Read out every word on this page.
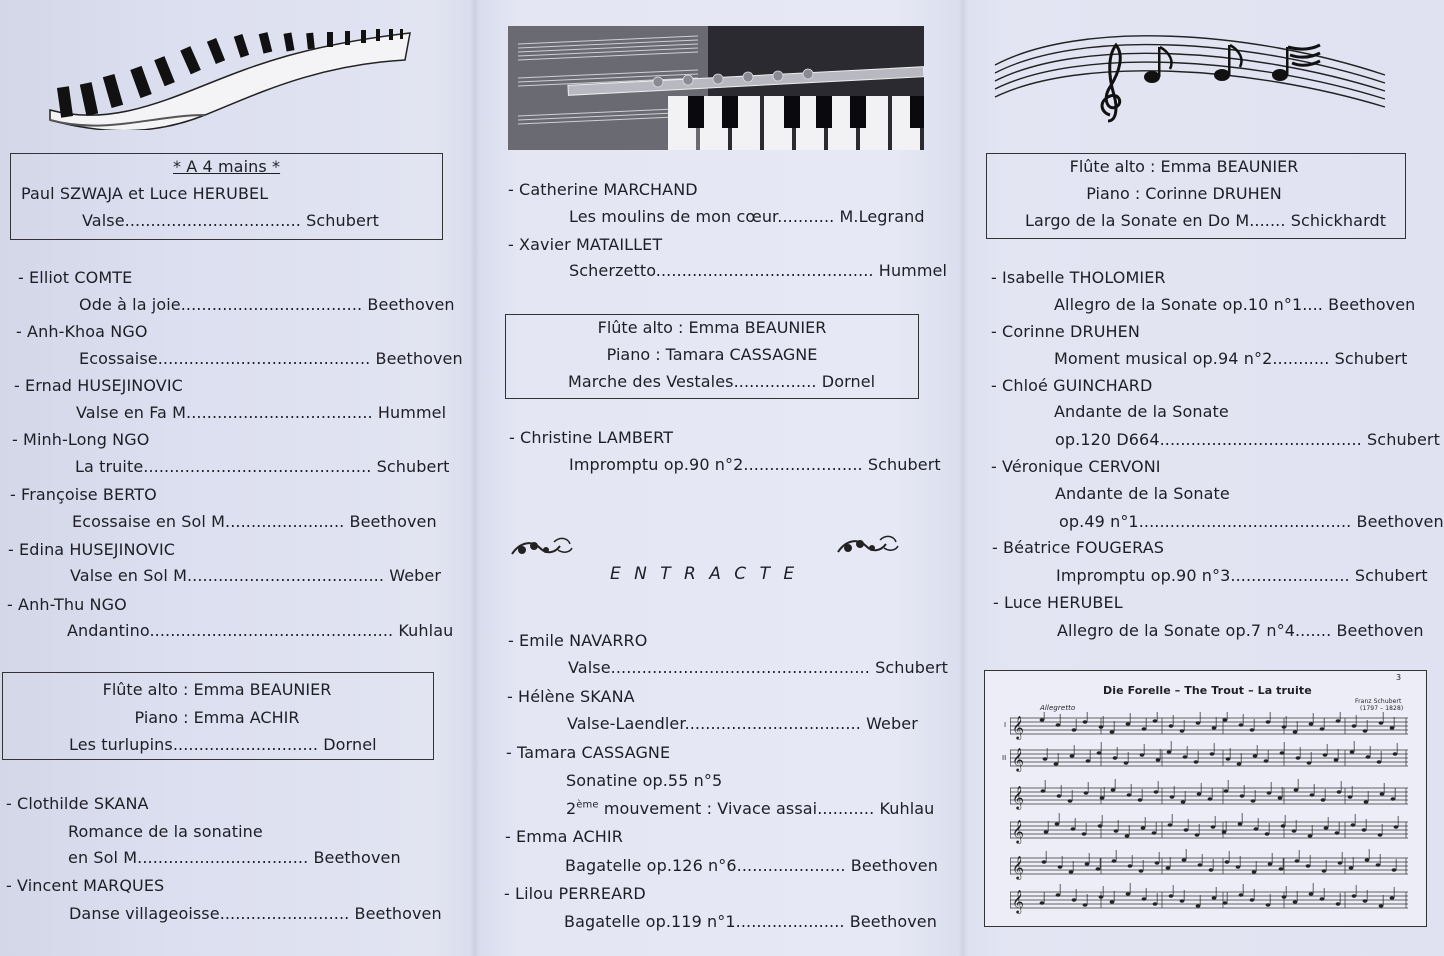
* A 4 mains *
Paul SZWAJA et Luce HERUBEL
Valse.................................. Schubert
- Elliot COMTE
Ode à la joie................................... Beethoven
- Anh-Khoa NGO
Ecossaise......................................... Beethoven
- Ernad HUSEJINOVIC
Valse en Fa M.................................... Hummel
- Minh-Long NGO
La truite............................................ Schubert
- Françoise BERTO
Ecossaise en Sol M....................... Beethoven
- Edina HUSEJINOVIC
Valse en Sol M...................................... Weber
- Anh-Thu NGO
Andantino............................................... Kuhlau
Flûte alto : Emma BEAUNIER
Piano : Emma ACHIR
Les turlupins............................ Dornel
- Clothilde SKANA
Romance de la sonatine
en Sol M................................. Beethoven
- Vincent MARQUES
Danse villageoisse......................... Beethoven
- Catherine MARCHAND
Les moulins de mon cœur........... M.Legrand
- Xavier MATAILLET
Scherzetto.......................................... Hummel
Flûte alto : Emma BEAUNIER
Piano : Tamara CASSAGNE
Marche des Vestales................ Dornel
- Christine LAMBERT
Impromptu op.90 n°2....................... Schubert
E N T R A C T E
- Emile NAVARRO
Valse.................................................. Schubert
- Hélène SKANA
Valse-Laendler.................................. Weber
- Tamara CASSAGNE
Sonatine op.55 n°5
2ème mouvement : Vivace assai........... Kuhlau
- Emma ACHIR
Bagatelle op.126 n°6..................... Beethoven
- Lilou PERREARD
Bagatelle op.119 n°1..................... Beethoven
Flûte alto : Emma BEAUNIER
Piano : Corinne DRUHEN
Largo de la Sonate en Do M....... Schickhardt
- Isabelle THOLOMIER
Allegro de la Sonate op.10 n°1.... Beethoven
- Corinne DRUHEN
Moment musical op.94 n°2........... Schubert
- Chloé GUINCHARD
Andante de la Sonate
op.120 D664....................................... Schubert
- Véronique CERVONI
Andante de la Sonate
op.49 n°1......................................... Beethoven
- Béatrice FOUGERAS
Impromptu op.90 n°3....................... Schubert
- Luce HERUBEL
Allegro de la Sonate op.7 n°4....... Beethoven
3
Die Forelle – The Trout – La truite
Franz Schubert
(1797 – 1828)
Allegretto
I
II
𝄞
𝄞
𝄞
𝄞
𝄞
𝄞
